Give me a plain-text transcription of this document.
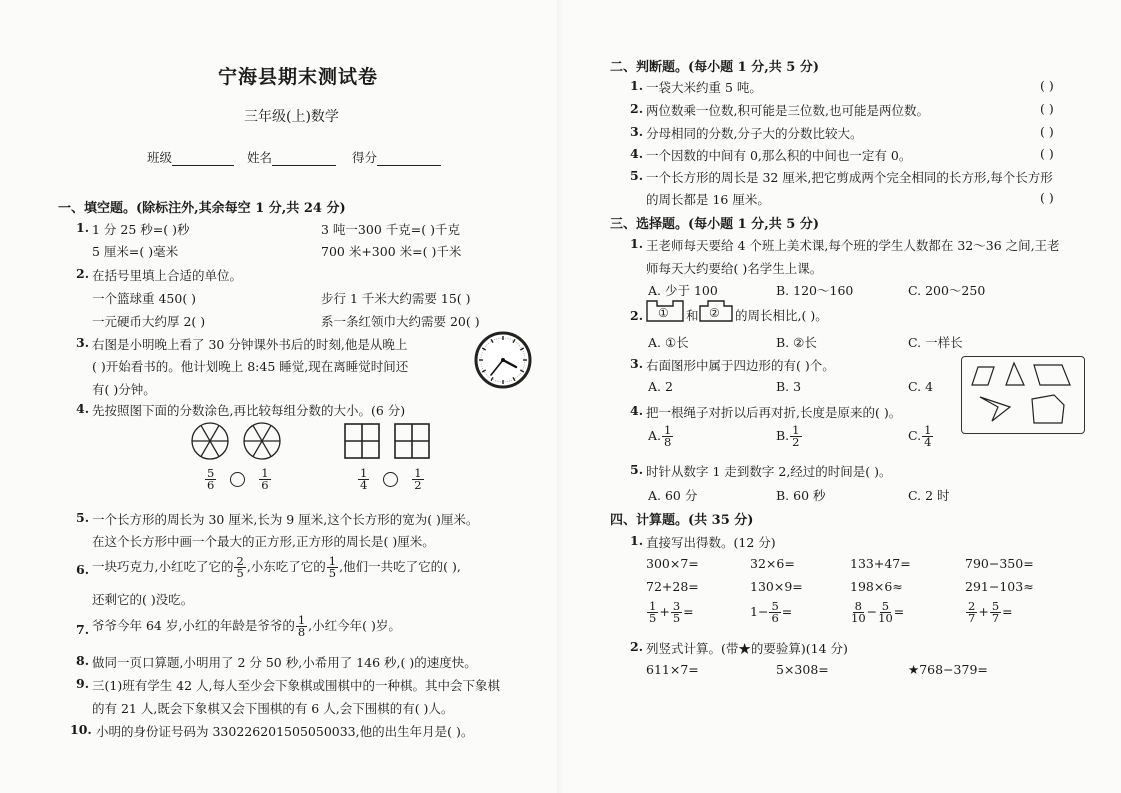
宁海县期末测试卷
三年级(上)数学
班级	姓名	得分
一、填空题。(除标注外,其余每空 1 分,共 24 分)
1. 1 分 25 秒=( )秒	3 吨一300 千克=( )千克
5 厘米=( )毫米	700 米+300 米=( )千米
2. 在括号里填上合适的单位。
一个篮球重 450( )	步行 1 千米大约需要 15( )
一元硬币大约厚 2( )	系一条红领巾大约需要 20( )
3. 右图是小明晚上看了 30 分钟课外书后的时刻,他是从晚上
( )开始看书的。他计划晚上 8:45 睡觉,现在离睡觉时间还
有( )分钟。
4. 先按照图下面的分数涂色,再比较每组分数的大小。(6 分)
$\frac{5}{6}$
	$\frac{1}{6}$	$\frac{1}{4}$
	$\frac{1}{2}$
5. 一个长方形的周长为 30 厘米,长为 9 厘米,这个长方形的宽为( )厘米。
在这个长方形中画一个最大的正方形,正方形的周长是( )厘米。
6. 一块巧克力,小红吃了它的 $\frac{2}{5}$ ,小东吃了它的 $\frac{1}{5}$ ,他们一共吃了它的( ),
还剩它的( )没吃。
7. 爷爷今年 64 岁,小红的年龄是爷爷的 $\frac{1}{8}$ ,小红今年( )岁。
8. 做同一页口算题,小明用了 2 分 50 秒,小希用了 146 秒,( )的速度快。
9. 三(1)班有学生 42 人,每人至少会下象棋或围棋中的一种棋。其中会下象棋
的有 21 人,既会下象棋又会下围棋的有 6 人,会下围棋的有( )人。
10. 小明的身份证号码为 330226201505050033,他的出生年月是( )。
二、判断题。(每小题 1 分,共 5 分)
1. 一袋大米约重 5 吨。	( )
2. 两位数乘一位数,积可能是三位数,也可能是两位数。	( )
3. 分母相同的分数,分子大的分数比较大。	( )
4. 一个因数的中间有 0,那么积的中间也一定有 0。	( )
5. 一个长方形的周长是 32 厘米,把它剪成两个完全相同的长方形,每个长方形
的周长都是 16 厘米。	( )
三、选择题。(每小题 1 分,共 5 分)
1. 王老师每天要给 4 个班上美术课,每个班的学生人数都在 32～36 之间,王老
师每天大约要给( )名学生上课。
A. 少于 100	B. 120～160	C. 200～250
2. ① 和 ② 的周长相比,( )。
A. ①长	B. ②长	C. 一样长
3. 右面图形中属于四边形的有( )个。
A. 2	B. 3	C. 4
4. 把一根绳子对折以后再对折,长度是原来的( )。
A. $\frac{1}{8}$	B. $\frac{1}{2}$	C. $\frac{1}{4}$
5. 时针从数字 1 走到数字 2,经过的时间是( )。
A. 60 分	B. 60 秒	C. 2 时
四、计算题。(共 35 分)
1. 直接写出得数。(12 分)
300×7=	32×6=	133+47=	790−350=
72+28=	130×9=	198×6≈	291−103≈
$\frac{1}{5} + \frac{3}{5}$ =	$1- \frac{5}{6}$ =	$\frac{8}{10} - \frac{5}{10}$ =	$\frac{2}{7} + \frac{5}{7}$ =
2. 列竖式计算。(带★的要验算)(14 分)
611×7=	5×308=	★768−379=
